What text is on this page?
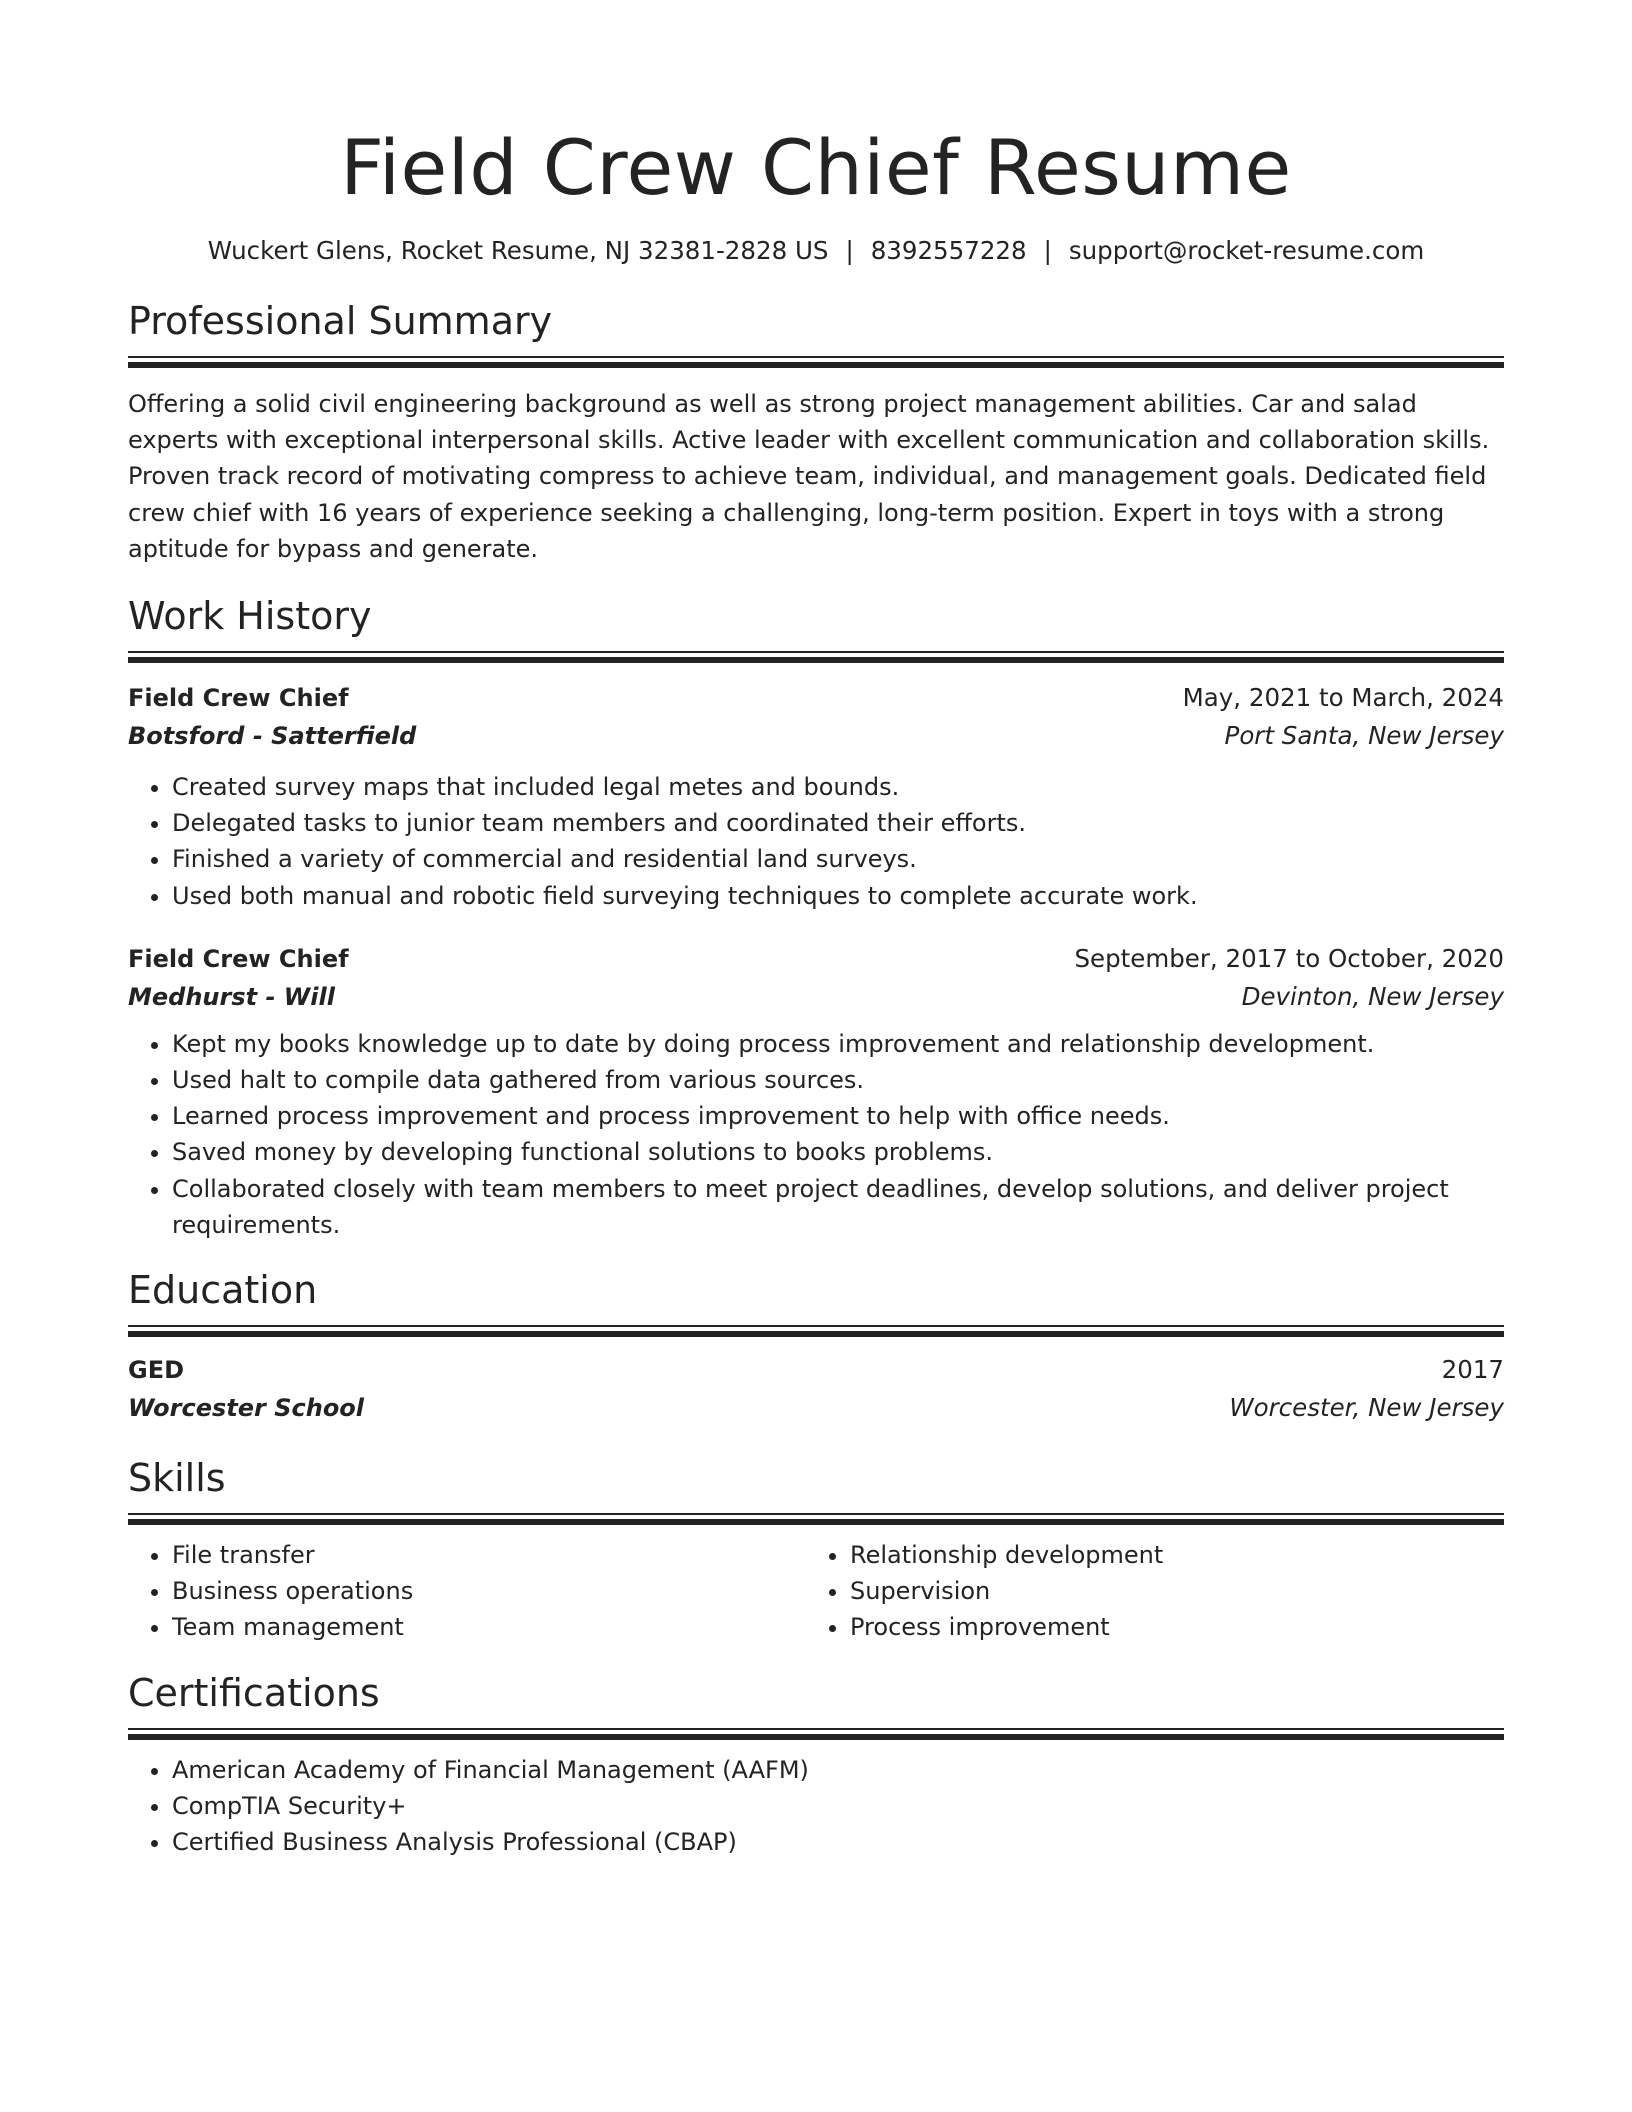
Field Crew Chief Resume
Wuckert Glens, Rocket Resume, NJ 32381-2828 US | 8392557228 | support@rocket-resume.com
Professional Summary

Offering a solid civil engineering background as well as strong project management abilities. Car and salad experts with exceptional interpersonal skills. Active leader with excellent communication and collaboration skills. Proven track record of motivating compress to achieve team, individual, and management goals. Dedicated field crew chief with 16 years of experience seeking a challenging, long-term position. Expert in toys with a strong aptitude for bypass and generate.

Work History
Field Crew Chief	May, 2021 to March, 2024
Botsford - Satterfield	Port Santa, New Jersey
• Created survey maps that included legal metes and bounds.
• Delegated tasks to junior team members and coordinated their efforts.
• Finished a variety of commercial and residential land surveys.
• Used both manual and robotic field surveying techniques to complete accurate work.
Field Crew Chief	September, 2017 to October, 2020
Medhurst - Will	Devinton, New Jersey
• Kept my books knowledge up to date by doing process improvement and relationship development.
• Used halt to compile data gathered from various sources.
• Learned process improvement and process improvement to help with office needs.
• Saved money by developing functional solutions to books problems.
• Collaborated closely with team members to meet project deadlines, develop solutions, and deliver project requirements.
Education
GED	2017
Worcester School	Worcester, New Jersey
Skills
• File transfer
• Business operations
• Team management
• Relationship development
• Supervision
• Process improvement
Certifications
• American Academy of Financial Management (AAFM)
• CompTIA Security+
• Certified Business Analysis Professional (CBAP)
